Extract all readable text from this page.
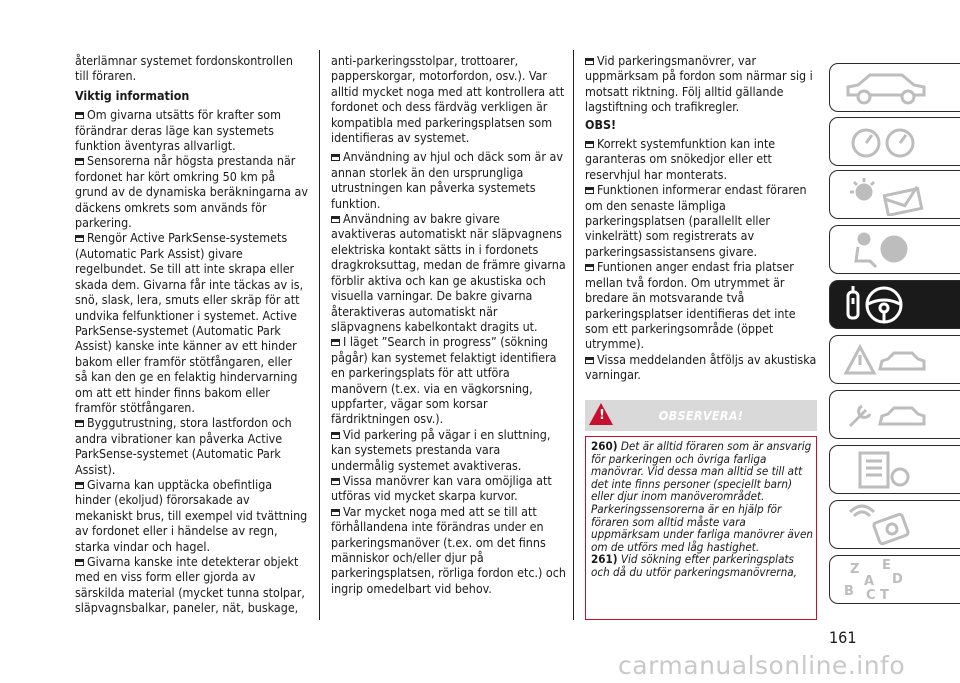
återlämnar systemet fordonskontrollen till föraren.

Viktig information

Om givarna utsätts för krafter som förändrar deras läge kan systemets funktion äventyras allvarligt.

Sensorerna når högsta prestanda när fordonet har kört omkring 50 km på grund av de dynamiska beräkningarna av däckens omkrets som används för parkering.

Rengör Active ParkSense-systemets (Automatic Park Assist) givare regelbundet. Se till att inte skrapa eller skada dem. Givarna får inte täckas av is, snö, slask, lera, smuts eller skräp för att undvika felfunktioner i systemet. Active ParkSense-systemet (Automatic Park Assist) kanske inte känner av ett hinder bakom eller framför stötfångaren, eller så kan den ge en felaktig hindervarning om att ett hinder finns bakom eller framför stötfångaren.

Byggutrustning, stora lastfordon och andra vibrationer kan påverka Active ParkSense-systemet (Automatic Park Assist).

Givarna kan upptäcka obefintliga hinder (ekoljud) förorsakade av mekaniskt brus, till exempel vid tvättning av fordonet eller i händelse av regn, starka vindar och hagel.

Givarna kanske inte detekterar objekt med en viss form eller gjorda av särskilda material (mycket tunna stolpar, släpvagnsbalkar, paneler, nät, buskage,

anti-parkeringsstolpar, trottoarer, papperskorgar, motorfordon, osv.). Var alltid mycket noga med att kontrollera att fordonet och dess färdväg verkligen är kompatibla med parkeringsplatsen som identifieras av systemet.

Användning av hjul och däck som är av annan storlek än den ursprungliga utrustningen kan påverka systemets funktion.

Användning av bakre givare avaktiveras automatiskt när släpvagnens elektriska kontakt sätts in i fordonets dragkroksuttag, medan de främre givarna förblir aktiva och kan ge akustiska och visuella varningar. De bakre givarna återaktiveras automatiskt när släpvagnens kabelkontakt dragits ut.

I läget ”Search in progress” (sökning pågår) kan systemet felaktigt identifiera en parkeringsplats för att utföra manövern (t.ex. via en vägkorsning, uppfarter, vägar som korsar färdriktningen osv.).

Vid parkering på vägar i en sluttning, kan systemets prestanda vara undermålig systemet avaktiveras.

Vissa manövrer kan vara omöjliga att utföras vid mycket skarpa kurvor.

Var mycket noga med att se till att förhållandena inte förändras under en parkeringsmanöver (t.ex. om det finns människor och/eller djur på parkeringsplatsen, rörliga fordon etc.) och ingrip omedelbart vid behov.

Vid parkeringsmanövrer, var uppmärksam på fordon som närmar sig i motsatt riktning. Följ alltid gällande lagstiftning och trafikregler.

OBS!

Korrekt systemfunktion kan inte garanteras om snökedjor eller ett reservhjul har monterats.

Funktionen informerar endast föraren om den senaste lämpliga parkeringsplatsen (parallellt eller vinkelrätt) som registrerats av parkeringsassistansens givare.

Funtionen anger endast fria platser mellan två fordon. Om utrymmet är bredare än motsvarande två parkeringsplatser identifieras det inte som ett parkeringsområde (öppet utrymme).

Vissa meddelanden åtföljs av akustiska varningar.

!	OBSERVERA!

260) Det är alltid föraren som är ansvarig för parkeringen och övriga farliga manövrar. Vid dessa man alltid se till att det inte finns personer (speciellt barn) eller djur inom manöverområdet. Parkeringssensorerna är en hjälp för föraren som alltid måste vara uppmärksam under farliga manövrer även om de utförs med låg hastighet.

261) Vid sökning efter parkeringsplats och då du utför parkeringsmanövrerna,	Z E
D
A
B C T
161
carmanualsonline.info
